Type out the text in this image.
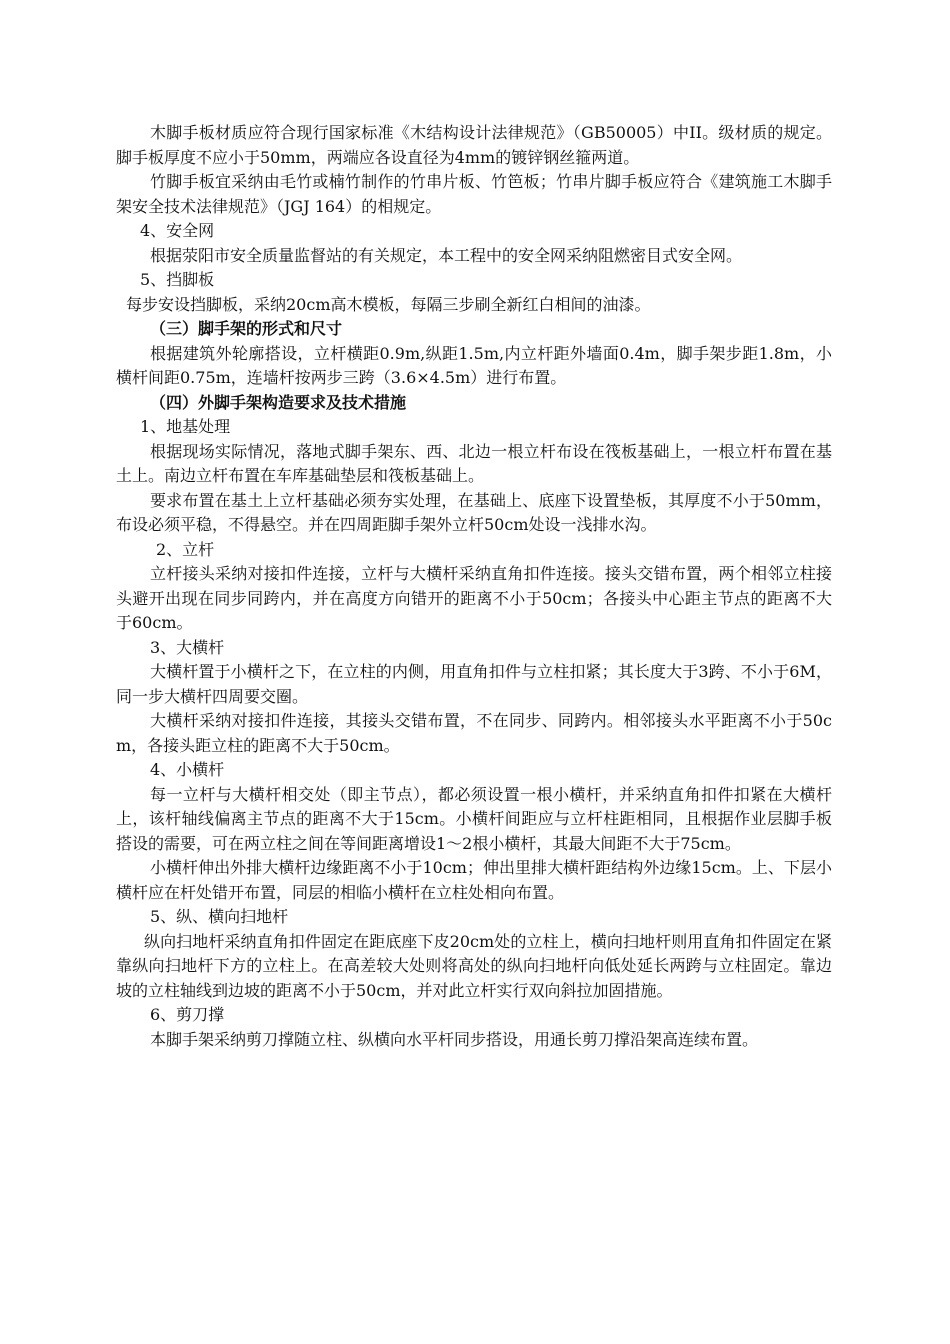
木脚手板材质应符合现行国家标准《木结构设计法律规范》（GB50005）中II。级材质的规定。脚手板厚度不应小于50mm，两端应各设直径为4mm的镀锌钢丝箍两道。

竹脚手板宜采纳由毛竹或楠竹制作的竹串片板、竹笆板；竹串片脚手板应符合《建筑施工木脚手架安全技术法律规范》（JGJ 164）的相规定。

4、安全网

根据荥阳市安全质量监督站的有关规定，本工程中的安全网采纳阻燃密目式安全网。

5、挡脚板

每步安设挡脚板，采纳20cm高木模板，每隔三步刷全新红白相间的油漆。

（三）脚手架的形式和尺寸

根据建筑外轮廓搭设，立杆横距0.9m,纵距1.5m,内立杆距外墙面0.4m，脚手架步距1.8m，小横杆间距0.75m，连墙杆按两步三跨（3.6×4.5m）进行布置。

（四）外脚手架构造要求及技术措施

1、地基处理

根据现场实际情况，落地式脚手架东、西、北边一根立杆布设在筏板基础上，一根立杆布置在基土上。南边立杆布置在车库基础垫层和筏板基础上。

要求布置在基土上立杆基础必须夯实处理，在基础上、底座下设置垫板，其厚度不小于50mm，布设必须平稳，不得悬空。并在四周距脚手架外立杆50cm处设一浅排水沟。

2、立杆

立杆接头采纳对接扣件连接，立杆与大横杆采纳直角扣件连接。接头交错布置，两个相邻立柱接头避开出现在同步同跨内，并在高度方向错开的距离不小于50cm；各接头中心距主节点的距离不大于60cm。

3、大横杆

大横杆置于小横杆之下，在立柱的内侧，用直角扣件与立柱扣紧；其长度大于3跨、不小于6M，同一步大横杆四周要交圈。

大横杆采纳对接扣件连接，其接头交错布置，不在同步、同跨内。相邻接头水平距离不小于50cm，各接头距立柱的距离不大于50cm。

4、小横杆

每一立杆与大横杆相交处（即主节点），都必须设置一根小横杆，并采纳直角扣件扣紧在大横杆上，该杆轴线偏离主节点的距离不大于15cm。小横杆间距应与立杆柱距相同，且根据作业层脚手板搭设的需要，可在两立柱之间在等间距离增设1～2根小横杆，其最大间距不大于75cm。

小横杆伸出外排大横杆边缘距离不小于10cm；伸出里排大横杆距结构外边缘15cm。上、下层小横杆应在杆处错开布置，同层的相临小横杆在立柱处相向布置。

5、纵、横向扫地杆

纵向扫地杆采纳直角扣件固定在距底座下皮20cm处的立柱上，横向扫地杆则用直角扣件固定在紧靠纵向扫地杆下方的立柱上。在高差较大处则将高处的纵向扫地杆向低处延长两跨与立柱固定。靠边坡的立柱轴线到边坡的距离不小于50cm，并对此立杆实行双向斜拉加固措施。

6、剪刀撑

本脚手架采纳剪刀撑随立柱、纵横向水平杆同步搭设，用通长剪刀撑沿架高连续布置。
